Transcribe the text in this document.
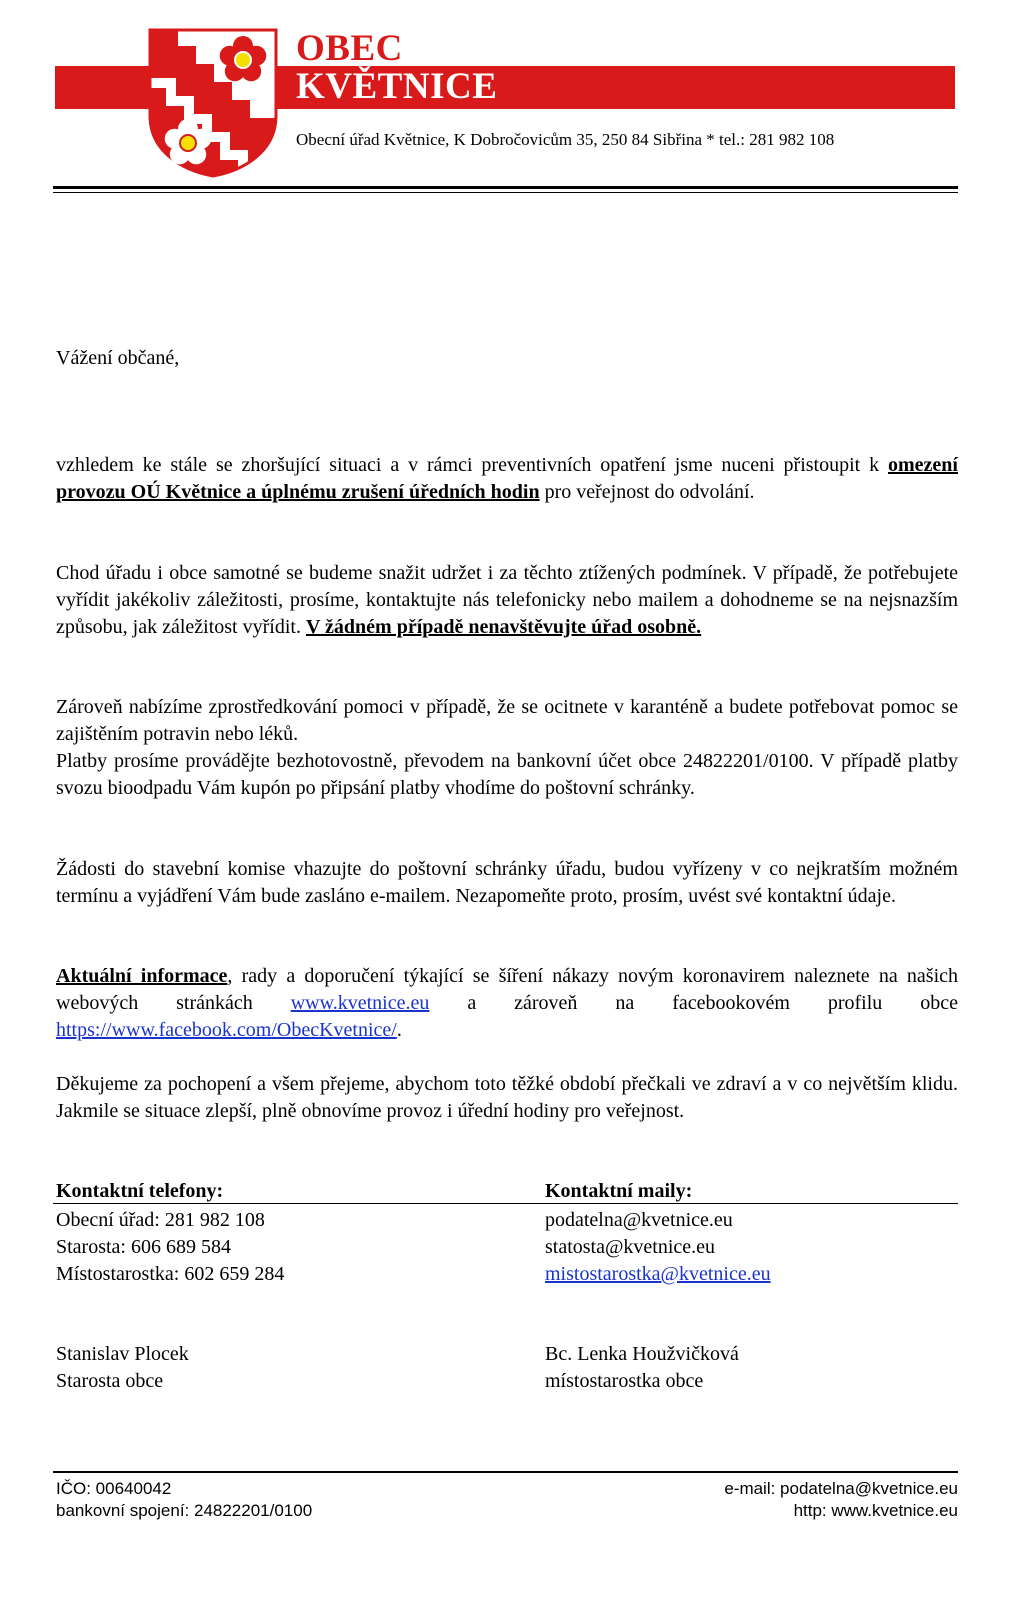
OBEC
KVĚTNICE
Obecní úřad Květnice, K Dobročovicům 35, 250 84 Sibřina * tel.: 281 982 108
Vážení občané,
vzhledem ke stále se zhoršující situaci a v rámci preventivních opatření jsme nuceni přistoupit k omezení provozu OÚ Květnice a úplnému zrušení úředních hodin pro veřejnost do odvolání.
Chod úřadu i obce samotné se budeme snažit udržet i za těchto ztížených podmínek. V případě, že potřebujete vyřídit jakékoliv záležitosti, prosíme, kontaktujte nás telefonicky nebo mailem a dohodneme se na nejsnazším způsobu, jak záležitost vyřídit. V žádném případě nenavštěvujte úřad osobně.
Zároveň nabízíme zprostředkování pomoci v případě, že se ocitnete v karanténě a budete potřebovat pomoc se zajištěním potravin nebo léků.
Platby prosíme provádějte bezhotovostně, převodem na bankovní účet obce 24822201/0100. V případě platby svozu bioodpadu Vám kupón po připsání platby vhodíme do poštovní schránky.
Žádosti do stavební komise vhazujte do poštovní schránky úřadu, budou vyřízeny v co nejkratším možném termínu a vyjádření Vám bude zasláno e-mailem. Nezapomeňte proto, prosím, uvést své kontaktní údaje.
Aktuální informace, rady a doporučení týkající se šíření nákazy novým koronavirem naleznete na našich webových stránkách www.kvetnice.eu a zároveň na facebookovém profilu obce https://www.facebook.com/ObecKvetnice/.
Děkujeme za pochopení a všem přejeme, abychom toto těžké období přečkali ve zdraví a v co největším klidu. Jakmile se situace zlepší, plně obnovíme provoz i úřední hodiny pro veřejnost.
Kontaktní telefony:
Obecní úřad: 281 982 108
Starosta: 606 689 584
Místostarostka: 602 659 284
Kontaktní maily:
podatelna@kvetnice.eu
statosta@kvetnice.eu
mistostarostka@kvetnice.eu
Stanislav Plocek
Starosta obce
Bc. Lenka Houžvičková
místostarostka obce
IČO: 00640042
bankovní spojení: 24822201/0100
e-mail: podatelna@kvetnice.eu
http: www.kvetnice.eu
